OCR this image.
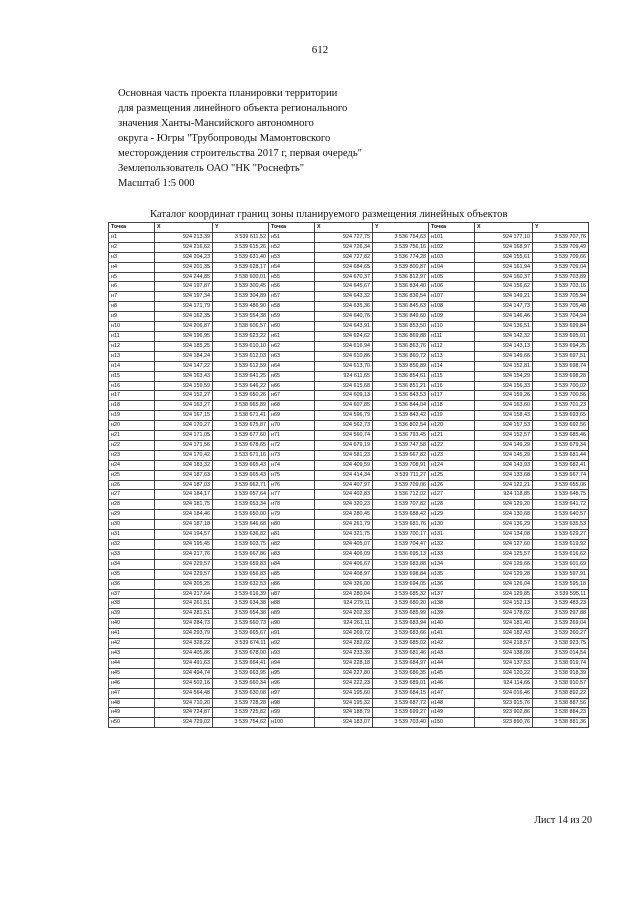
612
Основная часть проекта планировки территории
для размещения линейного объекта регионального
значения Ханты-Мансийского автономного
округа - Югры "Трубопроводы Мамонтовского
месторождения строительства 2017 г, первая очередь"
Землепользователь ОАО "НК "Роснефть"
Масштаб 1:5 000
Каталог координат границ зоны планируемого размещения линейных объектов
Точка	X	Y	Точка	X	Y	Точка	X	Y
н1	924 213,39	3 539 611,52	н51	924 727,75	3 536 754,63	н101	924 177,10	3 539 707,76
н2	924 216,62	3 539 615,26	н52	924 726,34	3 539 756,16	н102	924 168,97	3 539 709,49
н3	924 204,23	3 539 631,40	н53	924 727,82	3 536 774,28	н103	924 155,61	3 539 709,66
н4	924 201,35	3 539 628,17	н54	924 684,65	3 539 800,87	н104	924 161,94	3 539 709,04
н5	924 244,85	3 538 600,01	н55	924 670,37	3 536 812,97	н105	924 160,37	3 539 703,89
н6	924 197,87	3 539 300,45	н56	924 645,67	3 536 834,40	н106	924 156,62	3 539 703,16
н7	924 197,34	3 539 304,89	н57	924 643,32	3 536 836,54	н107	924 149,21	3 539 705,94
н8	924 171,79	3 539 486,90	н58	924 635,36	3 536 845,63	н108	924 147,73	3 539 705,48
н9	924 162,35	3 539 554,38	н59	924 640,76	3 536 849,60	н109	924 146,46	3 539 704,94
н10	924 206,87	3 538 606,57	н60	924 643,91	3 536 853,50	н110	924 136,51	3 539 699,84
н11	924 196,95	3 539 623,22	н61	924 624,62	3 536 869,88	н111	924 142,32	3 539 695,01
н12	924 185,25	3 539 610,10	н62	924 616,94	3 536 863,76	н112	924 143,13	3 539 694,25
н13	924 184,24	3 539 612,03	н63	924 610,86	3 536 860,72	н113	924 149,66	3 539 697,51
н14	924 147,22	3 539 612,59	н64	924 613,70	3 539 856,89	н114	924 152,81	3 539 698,74
н15	924 163,43	3 539 641,25	н65	924 611,65	3 536 854,61	н115	924 154,29	3 539 698,28
н16	924 159,59	3 539 646,22	н66	924 615,68	3 536 851,21	н116	924 156,33	3 539 700,02
н17	924 152,27	3 539 650,26	н67	924 609,13	3 536 843,53	н117	924 159,26	3 539 700,56
н18	924 163,27	3 538 665,89	н68	924 607,85	3 536 844,04	н118	924 163,60	3 539 701,23
н19	924 167,15	3 538 671,41	н69	924 596,79	3 539 843,42	н119	924 158,43	3 539 693,65
н20	924 170,27	3 539 675,87	н70	924 562,73	3 536 802,54	н120	924 157,53	3 539 692,56
н21	924 171,05	3 539 677,60	н71	924 560,74	3 536 793,45	н121	924 152,57	3 539 685,46
н22	924 171,56	3 539 678,65	н72	924 679,19	3 539 747,58	н122	924 149,29	3 539 679,34
н23	924 170,42	3 533 671,16	н73	924 581,23	3 539 667,82	н123	924 145,29	3 539 681,44
н24	924 183,32	3 539 665,43	н74	924 409,59	3 539 708,91	н124	924 143,93	3 539 682,41
н25	924 187,63	3 539 665,43	н75	924 414,34	3 539 711,27	н125	924 133,68	3 539 667,74
н26	924 187,03	3 539 662,71	н76	924 407,97	3 539 709,06	н126	924 122,21	3 539 655,06
н27	924 184,17	3 539 657,64	н77	924 402,83	3 536 712,02	н127	924 118,85	3 539 648,75
н28	924 181,75	3 539 653,34	н78	924 320,23	3 539 707,82	н128	924 129,20	3 539 641,72
н29	924 184,46	3 539 650,00	н79	924 280,45	3 539 688,42	н129	924 130,68	3 539 640,57
н30	924 187,18	3 539 646,68	н80	924 261,79	3 539 681,76	н130	924 136,29	3 539 635,53
н31	924 194,57	3 539 636,82	н81	924 321,75	3 539 700,17	н131	924 134,08	3 539 629,27
н32	924 195,45	3 539 603,75	н82	924 405,07	3 539 704,47	н132	924 127,60	3 539 619,92
н33	924 217,76	3 539 667,86	н83	924 406,09	3 536 695,13	н133	924 125,57	3 539 616,62
н34	924 229,57	3 539 659,83	н84	924 406,67	3 539 683,88	н134	924 129,66	3 539 601,69
н35	924 229,57	3 539 656,83	н85	924 408,97	3 539 698,84	н135	924 129,28	3 539 597,91
н36	924 205,25	3 539 632,53	н86	924 326,00	3 539 694,05	н136	924 126,04	3 539 595,18
н37	924 217,64	3 539 616,39	н87	924 280,04	3 539 685,32	н137	924 129,85	3 539 595,11
н38	924 261,51	3 539 634,38	н88	924 279,11	3 539 680,20	н138	924 152,13	3 539 483,23
н39	924 281,51	3 539 654,38	н89	924 202,33	3 539 685,99	н139	924 178,02	3 539 297,88
н40	924 284,73	3 539 660,73	н90	924 261,11	3 539 683,94	н140	924 181,40	3 539 269,04
н41	924 293,79	3 539 665,67	н91	924 269,72	3 539 683,66	н141	924 182,43	3 539 260,27
н42	924 328,22	3 539 674,11	н92	924 282,02	3 539 685,02	н142	924 218,57	3 538 923,75
н43	924 405,86	3 539 678,00	н93	924 233,39	3 539 681,46	н143	924 138,09	3 539 014,54
н44	924 491,63	3 539 664,41	н94	924 228,18	3 539 684,97	н144	924 137,53	3 538 919,74
н45	924 494,74	3 539 663,95	н95	924 227,80	3 539 686,35	н145	924 120,22	3 538 918,39
н46	924 502,16	3 539 660,34	н96	924 222,23	3 539 689,01	н146	924 114,66	3 538 910,57
н47	924 564,48	3 539 630,08	н97	924 195,60	3 539 684,15	н147	924 016,46	3 538 892,22
н48	924 710,20	3 539 728,28	н98	924 195,32	3 539 687,72	н148	923 915,76	3 538 887,56
н49	924 724,87	3 539 725,82	н99	924 188,79	3 539 699,27	н149	923 902,86	3 538 884,23
н50	924 729,02	3 539 754,62	н100	924 183,07	3 539 703,40	н150	923 890,76	3 538 881,36
Лист 14 из 20
